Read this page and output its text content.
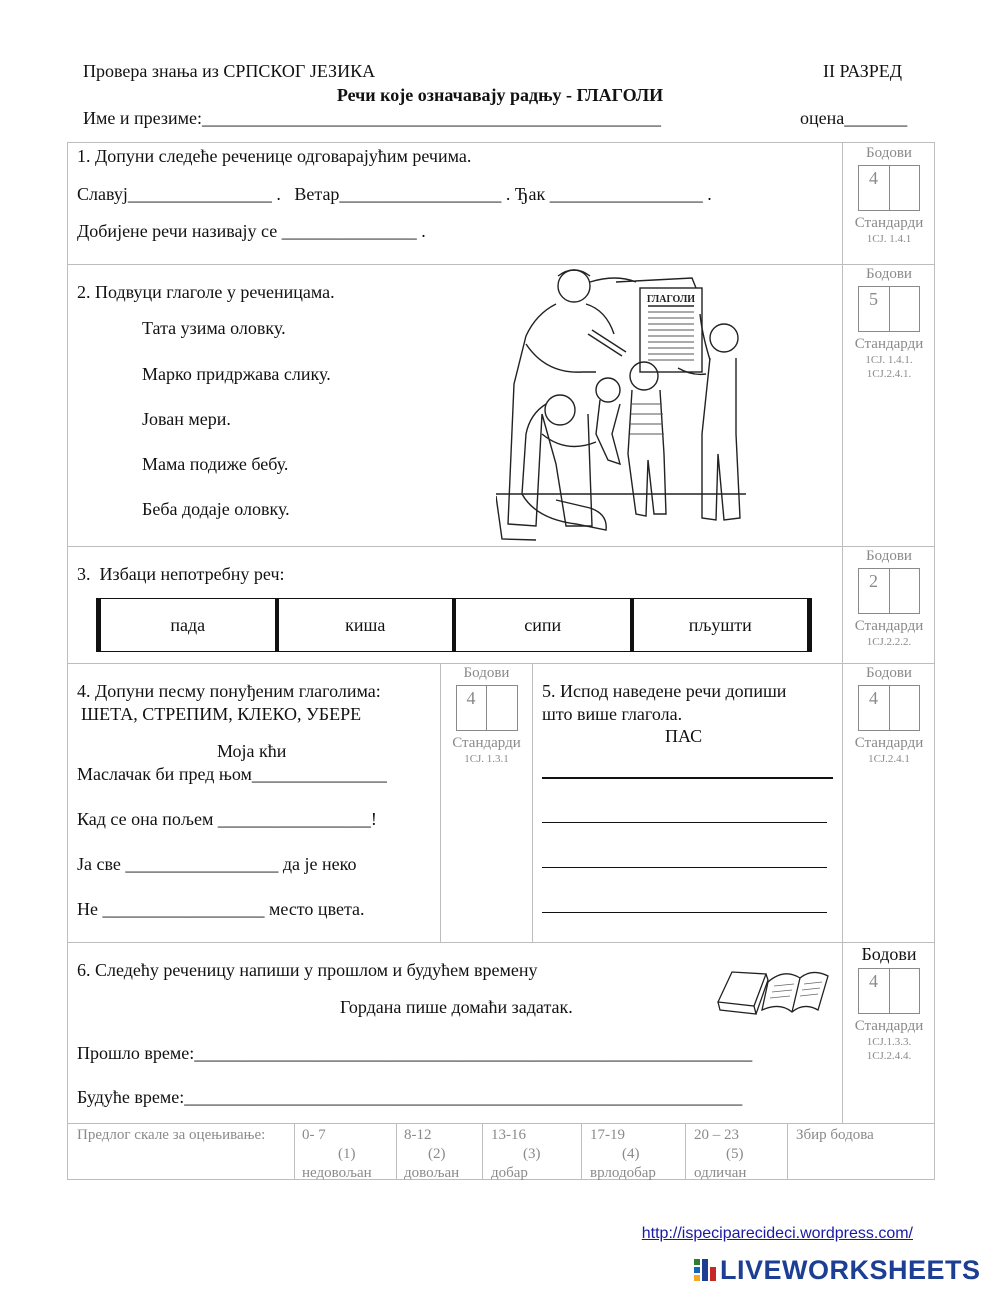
Провера знања из СРПСКОГ ЈЕЗИКА	II РАЗРЕД
Речи које означавају радњу - ГЛАГОЛИ
Име и презиме:___________________________________________________	оцена_______
1. Допуни следеће реченице одговарајућим речима.
Славуј________________ .   Ветар__________________ . Ђак _________________ .
Добијене речи називају се _______________ .
Бодови
4
Стандарди
1СЈ. 1.4.1
2. Подвуци глаголе у реченицама.
Тата узима оловку.
Марко придржава слику.
Јован мери.
Мама подиже бебу.
Беба додаје оловку.
ГЛАГОЛИ
Бодови
5
Стандарди
1СЈ. 1.4.1.
1СЈ.2.4.1.
3.  Избаци непотребну реч:
пада	киша	сипи	пљушти
Бодови
2
Стандарди
1СЈ.2.2.2.
4. Допуни песму понуђеним глаголима:
ШЕТА, СТРЕПИМ, КЛЕКО, УБЕРЕ
Моја кћи
Маслачак би пред њом_______________
Кад се она пољем _________________!
Ја све _________________ да је неко
Не __________________ место цвета.
Бодови
4
Стандарди
1СЈ. 1.3.1
5. Испод наведене речи допиши
што више глагола.
ПАС
Бодови
4
Стандарди
1СЈ.2.4.1
6. Следећу реченицу напиши у прошлом и будућем времену
Гордана пише домаћи задатак.
Прошло време:______________________________________________________________
Будуће време:______________________________________________________________
Бодови
4
Стандарди
1СЈ.1.3.3.
1СЈ.2.4.4.
Предлог скале за оцењивање: 0- 7
(1)
недовољан
8-12
(2)
довољан
13-16
(3)
добар
17-19
(4)
врлодобар
20 – 23
(5)
одличан
Збир бодова
http://ispeciparecideci.wordpress.com/
LIVEWORKSHEETS
